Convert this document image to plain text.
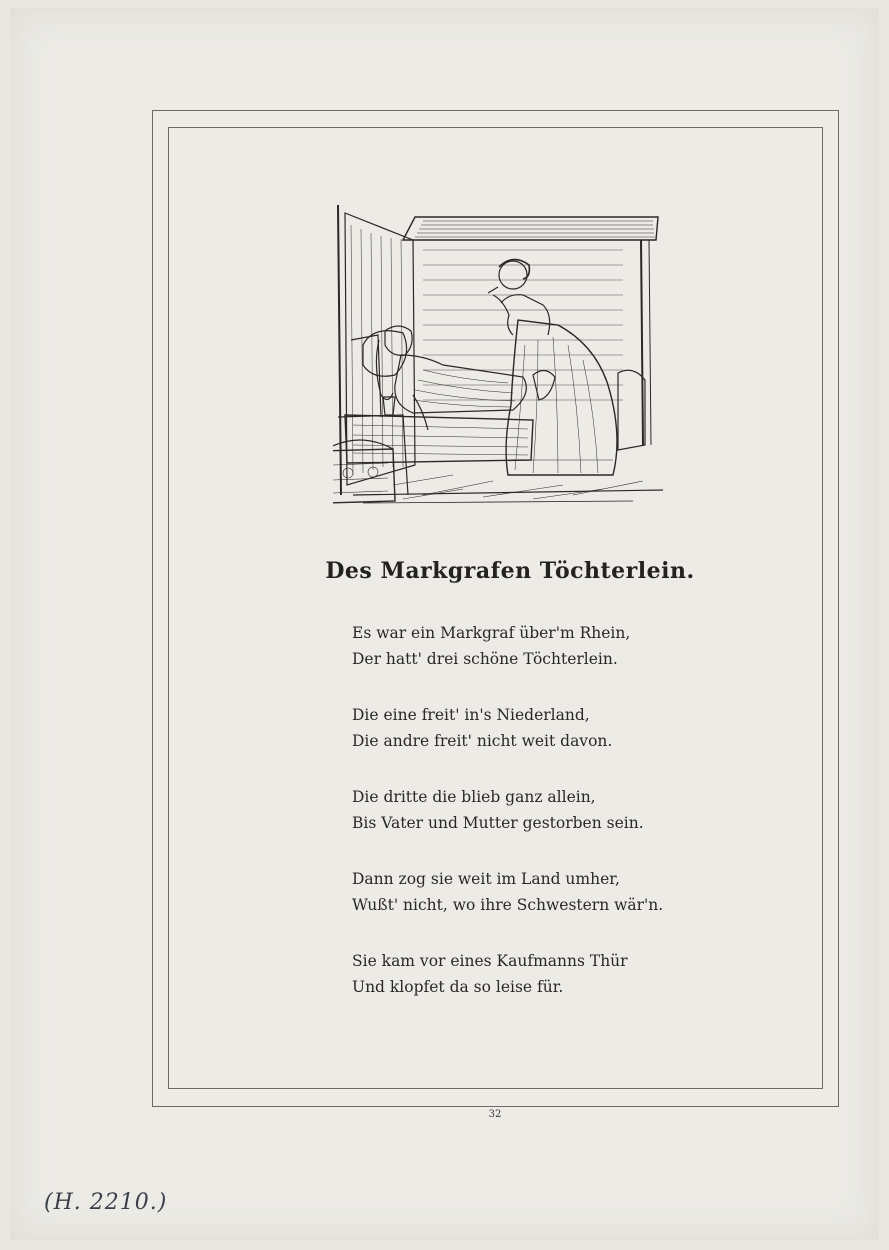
Des Markgrafen Töchterlein.
Es war ein Markgraf über'm Rhein,
Der hatt' drei schöne Töchterlein.
Die eine freit' in's Niederland,
Die andre freit' nicht weit davon.
Die dritte die blieb ganz allein,
Bis Vater und Mutter gestorben sein.
Dann zog sie weit im Land umher,
Wußt' nicht, wo ihre Schwestern wär'n.
Sie kam vor eines Kaufmanns Thür
Und klopfet da so leise für.
32
(H. 2210.)
